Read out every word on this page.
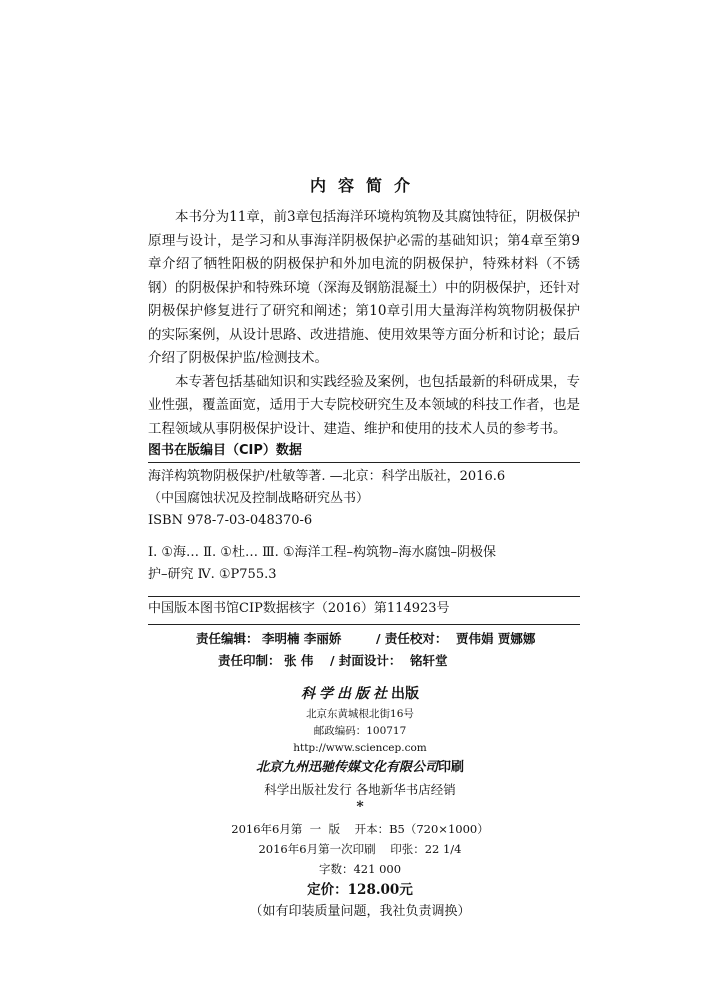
内容简介

本书分为11章，前3章包括海洋环境构筑物及其腐蚀特征，阴极保护原理与设计，是学习和从事海洋阴极保护必需的基础知识；第4章至第9章介绍了牺牲阳极的阴极保护和外加电流的阴极保护，特殊材料（不锈钢）的阴极保护和特殊环境（深海及钢筋混凝土）中的阴极保护，还针对阴极保护修复进行了研究和阐述；第10章引用大量海洋构筑物阴极保护的实际案例，从设计思路、改进措施、使用效果等方面分析和讨论；最后介绍了阴极保护监/检测技术。

本专著包括基础知识和实践经验及案例，也包括最新的科研成果，专业性强，覆盖面宽，适用于大专院校研究生及本领域的科技工作者，也是工程领域从事阴极保护设计、建造、维护和使用的技术人员的参考书。

图书在版编目（CIP）数据

海洋构筑物阴极保护/杜敏等著. —北京：科学出版社，2016.6

（中国腐蚀状况及控制战略研究丛书）

ISBN 978-7-03-048370-6

Ⅰ. ①海… Ⅱ. ①杜… Ⅲ. ①海洋工程–构筑物–海水腐蚀–阴极保
护–研究 Ⅳ. ①P755.3

中国版本图书馆CIP数据核字（2016）第114923号

责任编辑： 李明楠 李丽娇	/ 责任校对： 贾伟娟 贾娜娜
责任印制： 张 伟 / 封面设计： 铭轩堂
科学出版社出版
北京东黄城根北街16号
邮政编码：100717
http://www.sciencep.com
北京九州迅驰传媒文化有限公司印刷
科学出版社发行 各地新华书店经销
*
2016年6月第  一  版    开本：B5（720×1000）
2016年6月第一次印刷    印张：22 1/4
字数：421 000
定价：128.00元
（如有印装质量问题，我社负责调换）
